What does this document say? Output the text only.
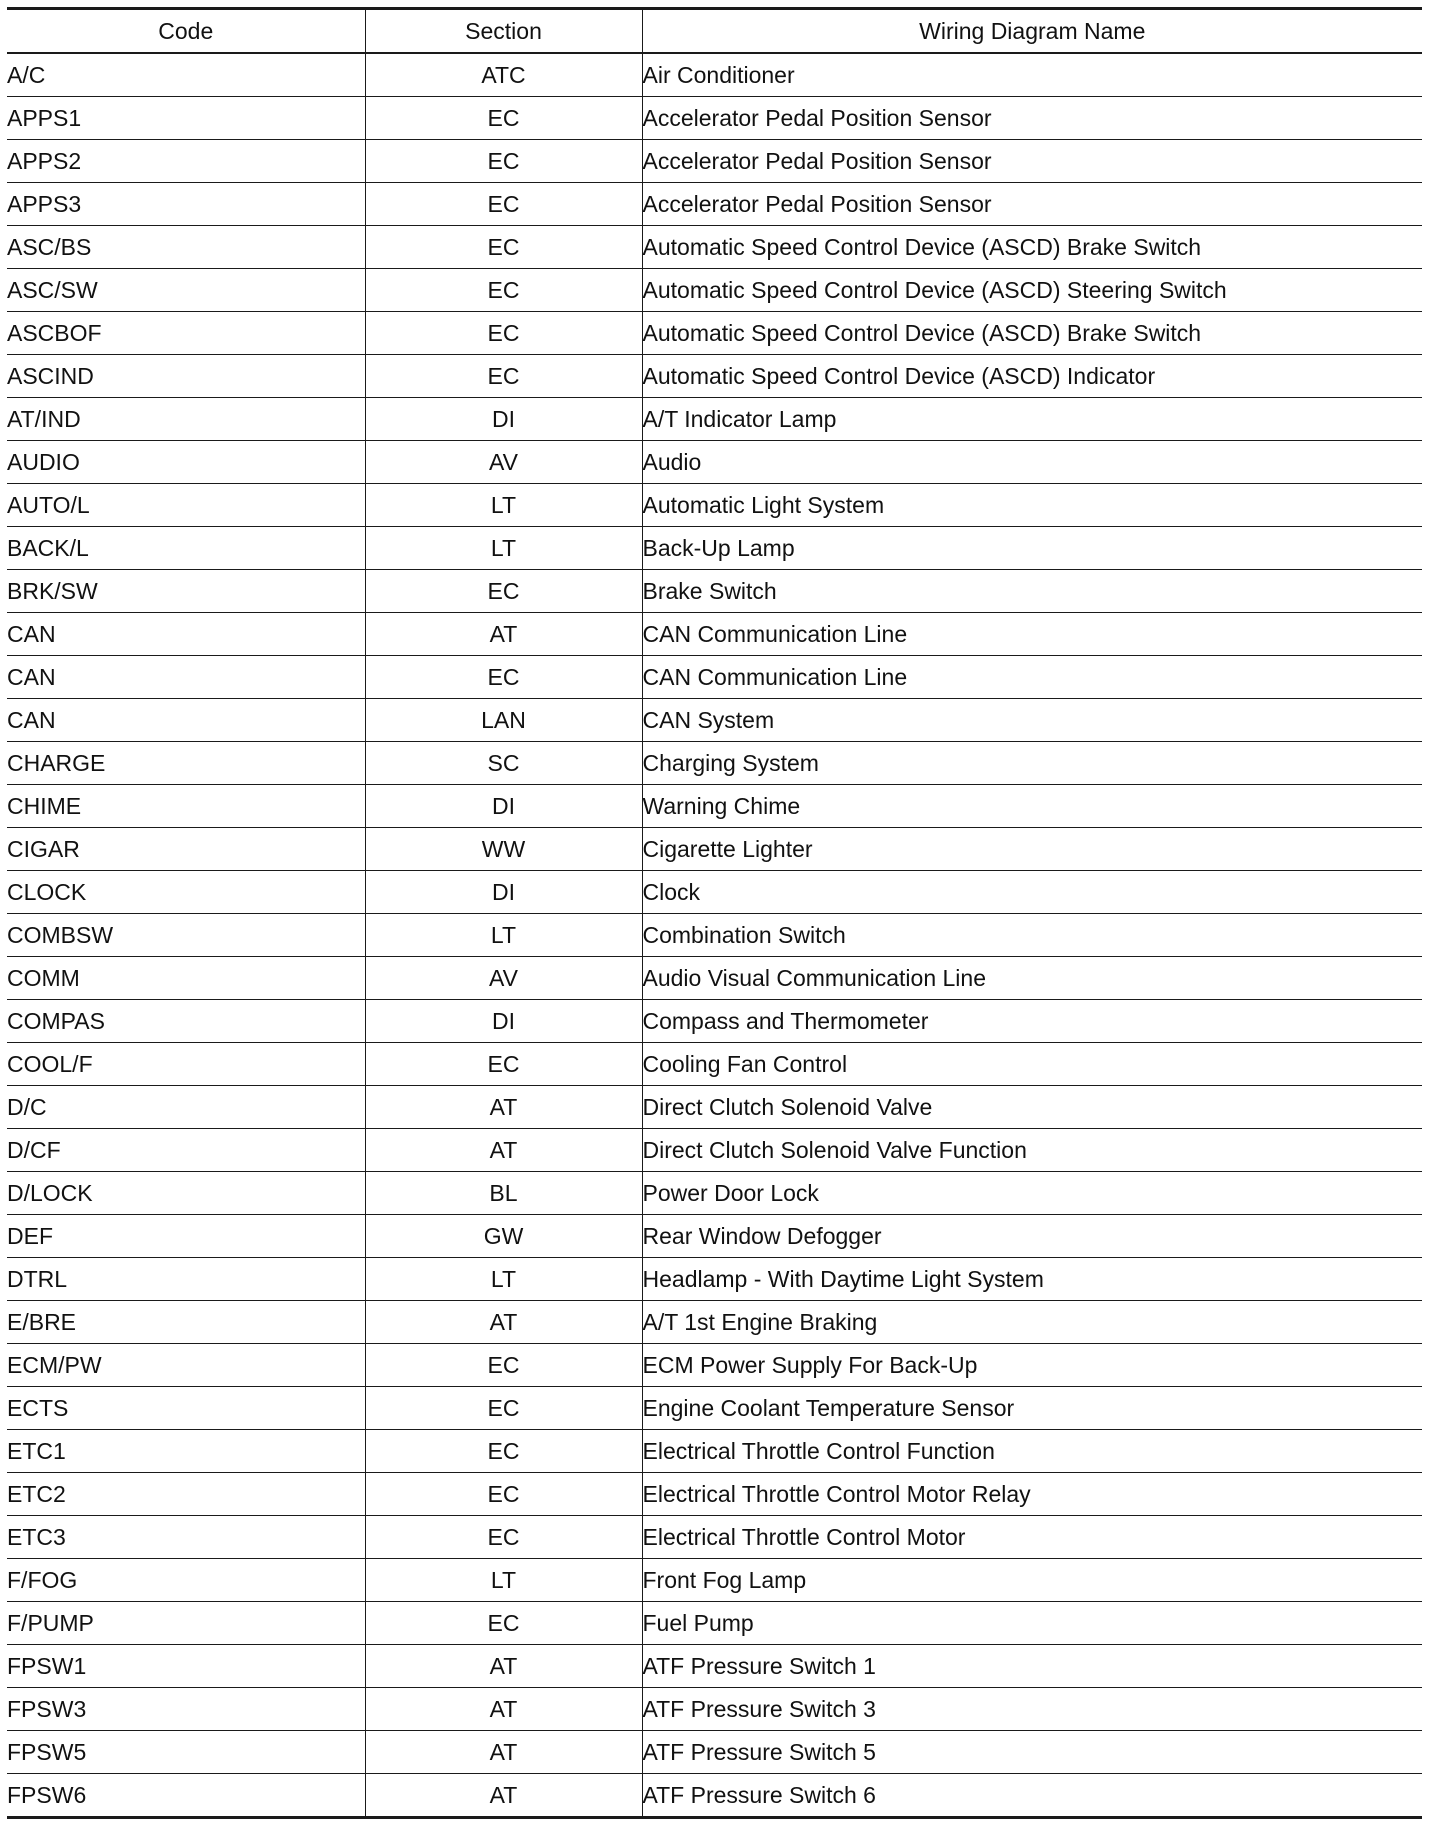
Code	Section	Wiring Diagram Name
A/C	ATC	Air Conditioner
APPS1	EC	Accelerator Pedal Position Sensor
APPS2	EC	Accelerator Pedal Position Sensor
APPS3	EC	Accelerator Pedal Position Sensor
ASC/BS	EC	Automatic Speed Control Device (ASCD) Brake Switch
ASC/SW	EC	Automatic Speed Control Device (ASCD) Steering Switch
ASCBOF	EC	Automatic Speed Control Device (ASCD) Brake Switch
ASCIND	EC	Automatic Speed Control Device (ASCD) Indicator
AT/IND	DI	A/T Indicator Lamp
AUDIO	AV	Audio
AUTO/L	LT	Automatic Light System
BACK/L	LT	Back-Up Lamp
BRK/SW	EC	Brake Switch
CAN	AT	CAN Communication Line
CAN	EC	CAN Communication Line
CAN	LAN	CAN System
CHARGE	SC	Charging System
CHIME	DI	Warning Chime
CIGAR	WW	Cigarette Lighter
CLOCK	DI	Clock
COMBSW	LT	Combination Switch
COMM	AV	Audio Visual Communication Line
COMPAS	DI	Compass and Thermometer
COOL/F	EC	Cooling Fan Control
D/C	AT	Direct Clutch Solenoid Valve
D/CF	AT	Direct Clutch Solenoid Valve Function
D/LOCK	BL	Power Door Lock
DEF	GW	Rear Window Defogger
DTRL	LT	Headlamp - With Daytime Light System
E/BRE	AT	A/T 1st Engine Braking
ECM/PW	EC	ECM Power Supply For Back-Up
ECTS	EC	Engine Coolant Temperature Sensor
ETC1	EC	Electrical Throttle Control Function
ETC2	EC	Electrical Throttle Control Motor Relay
ETC3	EC	Electrical Throttle Control Motor
F/FOG	LT	Front Fog Lamp
F/PUMP	EC	Fuel Pump
FPSW1	AT	ATF Pressure Switch 1
FPSW3	AT	ATF Pressure Switch 3
FPSW5	AT	ATF Pressure Switch 5
FPSW6	AT	ATF Pressure Switch 6
